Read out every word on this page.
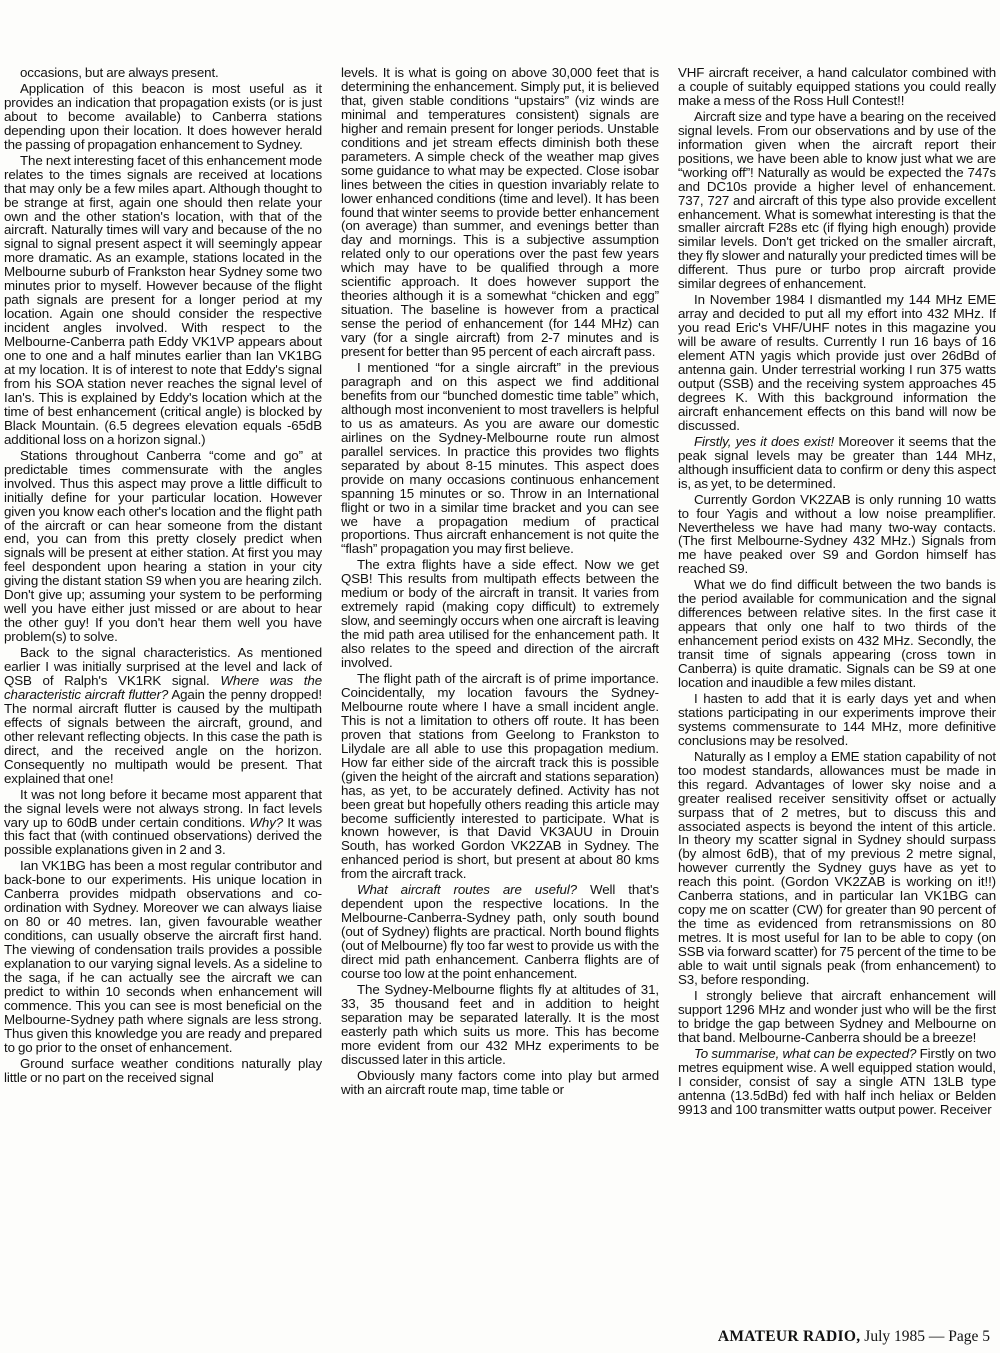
occasions, but are always present.

Application of this beacon is most useful as it provides an indication that propagation exists (or is just about to become available) to Canberra stations depending upon their location. It does however herald the passing of propagation enhancement to Sydney.

The next interesting facet of this enhancement mode relates to the times signals are received at locations that may only be a few miles apart. Although thought to be strange at first, again one should then relate your own and the other station's location, with that of the aircraft. Naturally times will vary and because of the no signal to signal present aspect it will seemingly appear more dramatic. As an example, stations located in the Melbourne suburb of Frankston hear Sydney some two minutes prior to myself. However because of the flight path signals are present for a longer period at my location. Again one should consider the respective incident angles involved. With respect to the Melbourne-Canberra path Eddy VK1VP appears about one to one and a half minutes earlier than Ian VK1BG at my location. It is of interest to note that Eddy's signal from his SOA station never reaches the signal level of Ian's. This is explained by Eddy's location which at the time of best enhancement (critical angle) is blocked by Black Mountain. (6.5 degrees elevation equals -65dB additional loss on a horizon signal.)

Stations throughout Canberra “come and go” at predictable times commensurate with the angles involved. Thus this aspect may prove a little difficult to initially define for your particular location. However given you know each other's location and the flight path of the aircraft or can hear someone from the distant end, you can from this pretty closely predict when signals will be present at either station. At first you may feel despondent upon hearing a station in your city giving the distant station S9 when you are hearing zilch. Don't give up; assuming your system to be performing well you have either just missed or are about to hear the other guy! If you don't hear them well you have problem(s) to solve.

Back to the signal characteristics. As mentioned earlier I was initially surprised at the level and lack of QSB of Ralph's VK1RK signal. Where was the characteristic aircraft flutter? Again the penny dropped! The normal aircraft flutter is caused by the multipath effects of signals between the aircraft, ground, and other relevant reflecting objects. In this case the path is direct, and the received angle on the horizon. Consequently no multipath would be present. That explained that one!

It was not long before it became most apparent that the signal levels were not always strong. In fact levels vary up to 60dB under certain conditions. Why? It was this fact that (with continued observations) derived the possible explanations given in 2 and 3.

Ian VK1BG has been a most regular contributor and back-bone to our experiments. His unique location in Canberra provides midpath observations and co-ordination with Sydney. Moreover we can always liaise on 80 or 40 metres. Ian, given favourable weather conditions, can usually observe the aircraft first hand. The viewing of condensation trails provides a possible explanation to our varying signal levels. As a sideline to the saga, if he can actually see the aircraft we can predict to within 10 seconds when enhancement will commence. This you can see is most beneficial on the Melbourne-Sydney path where signals are less strong. Thus given this knowledge you are ready and prepared to go prior to the onset of enhancement.

Ground surface weather conditions naturally play little or no part on the received signal

levels. It is what is going on above 30,000 feet that is determining the enhancement. Simply put, it is believed that, given stable conditions “upstairs” (viz winds are minimal and temperatures consistent) signals are higher and remain present for longer periods. Unstable conditions and jet stream effects diminish both these parameters. A simple check of the weather map gives some guidance to what may be expected. Close isobar lines between the cities in question invariably relate to lower enhanced conditions (time and level). It has been found that winter seems to provide better enhancement (on average) than summer, and evenings better than day and mornings. This is a subjective assumption related only to our operations over the past few years which may have to be qualified through a more scientific approach. It does however support the theories although it is a somewhat “chicken and egg” situation. The baseline is however from a practical sense the period of enhancement (for 144 MHz) can vary (for a single aircraft) from 2-7 minutes and is present for better than 95 percent of each aircraft pass.

I mentioned “for a single aircraft” in the previous paragraph and on this aspect we find additional benefits from our “bunched domestic time table” which, although most inconvenient to most travellers is helpful to us as amateurs. As you are aware our domestic airlines on the Sydney-Melbourne route run almost parallel services. In practice this provides two flights separated by about 8-15 minutes. This aspect does provide on many occasions continuous enhancement spanning 15 minutes or so. Throw in an International flight or two in a similar time bracket and you can see we have a propagation medium of practical proportions. Thus aircraft enhancement is not quite the “flash” propagation you may first believe.

The extra flights have a side effect. Now we get QSB! This results from multipath effects between the medium or body of the aircraft in transit. It varies from extremely rapid (making copy difficult) to extremely slow, and seemingly occurs when one aircraft is leaving the mid path area utilised for the enhancement path. It also relates to the speed and direction of the aircraft involved.

The flight path of the aircraft is of prime importance. Coincidentally, my location favours the Sydney-Melbourne route where I have a small incident angle. This is not a limitation to others off route. It has been proven that stations from Geelong to Frankston to Lilydale are all able to use this propagation medium. How far either side of the aircraft track this is possible (given the height of the aircraft and stations separation) has, as yet, to be accurately defined. Activity has not been great but hopefully others reading this article may become sufficiently interested to participate. What is known however, is that David VK3AUU in Drouin South, has worked Gordon VK2ZAB in Sydney. The enhanced period is short, but present at about 80 kms from the aircraft track.

What aircraft routes are useful? Well that's dependent upon the respective locations. In the Melbourne-Canberra-Sydney path, only south bound (out of Sydney) flights are practical. North bound flights (out of Melbourne) fly too far west to provide us with the direct mid path enhancement. Canberra flights are of course too low at the point enhancement.

The Sydney-Melbourne flights fly at altitudes of 31, 33, 35 thousand feet and in addition to height separation may be separated laterally. It is the most easterly path which suits us more. This has become more evident from our 432 MHz experiments to be discussed later in this article.

Obviously many factors come into play but armed with an aircraft route map, time table or

VHF aircraft receiver, a hand calculator combined with a couple of suitably equipped stations you could really make a mess of the Ross Hull Contest!!

Aircraft size and type have a bearing on the received signal levels. From our observations and by use of the information given when the aircraft report their positions, we have been able to know just what we are “working off”! Naturally as would be expected the 747s and DC10s provide a higher level of enhancement. 737, 727 and aircraft of this type also provide excellent enhancement. What is somewhat interesting is that the smaller aircraft F28s etc (if flying high enough) provide similar levels. Don't get tricked on the smaller aircraft, they fly slower and naturally your predicted times will be different. Thus pure or turbo prop aircraft provide similar degrees of enhancement.

In November 1984 I dismantled my 144 MHz EME array and decided to put all my effort into 432 MHz. If you read Eric's VHF/UHF notes in this magazine you will be aware of results. Currently I run 16 bays of 16 element ATN yagis which provide just over 26dBd of antenna gain. Under terrestrial working I run 375 watts output (SSB) and the receiving system approaches 45 degrees K. With this background information the aircraft enhancement effects on this band will now be discussed.

Firstly, yes it does exist! Moreover it seems that the peak signal levels may be greater than 144 MHz, although insufficient data to confirm or deny this aspect is, as yet, to be determined.

Currently Gordon VK2ZAB is only running 10 watts to four Yagis and without a low noise preamplifier. Nevertheless we have had many two-way contacts. (The first Melbourne-Sydney 432 MHz.) Signals from me have peaked over S9 and Gordon himself has reached S9.

What we do find difficult between the two bands is the period available for communication and the signal differences between relative sites. In the first case it appears that only one half to two thirds of the enhancement period exists on 432 MHz. Secondly, the transit time of signals appearing (cross town in Canberra) is quite dramatic. Signals can be S9 at one location and inaudible a few miles distant.

I hasten to add that it is early days yet and when stations participating in our experiments improve their systems commensurate to 144 MHz, more definitive conclusions may be resolved.

Naturally as I employ a EME station capability of not too modest standards, allowances must be made in this regard. Advantages of lower sky noise and a greater realised receiver sensitivity offset or actually surpass that of 2 metres, but to discuss this and associated aspects is beyond the intent of this article. In theory my scatter signal in Sydney should surpass (by almost 6dB), that of my previous 2 metre signal, however currently the Sydney guys have as yet to reach this point. (Gordon VK2ZAB is working on it!!) Canberra stations, and in particular Ian VK1BG can copy me on scatter (CW) for greater than 90 percent of the time as evidenced from retransmissions on 80 metres. It is most useful for Ian to be able to copy (on SSB via forward scatter) for 75 percent of the time to be able to wait until signals peak (from enhancement) to S3, before responding.

I strongly believe that aircraft enhancement will support 1296 MHz and wonder just who will be the first to bridge the gap between Sydney and Melbourne on that band. Melbourne-Canberra should be a breeze!

To summarise, what can be expected? Firstly on two metres equipment wise. A well equipped station would, I consider, consist of say a single ATN 13LB type antenna (13.5dBd) fed with half inch heliax or Belden 9913 and 100 transmitter watts output power. Receiver

AMATEUR RADIO, July 1985 — Page 5
